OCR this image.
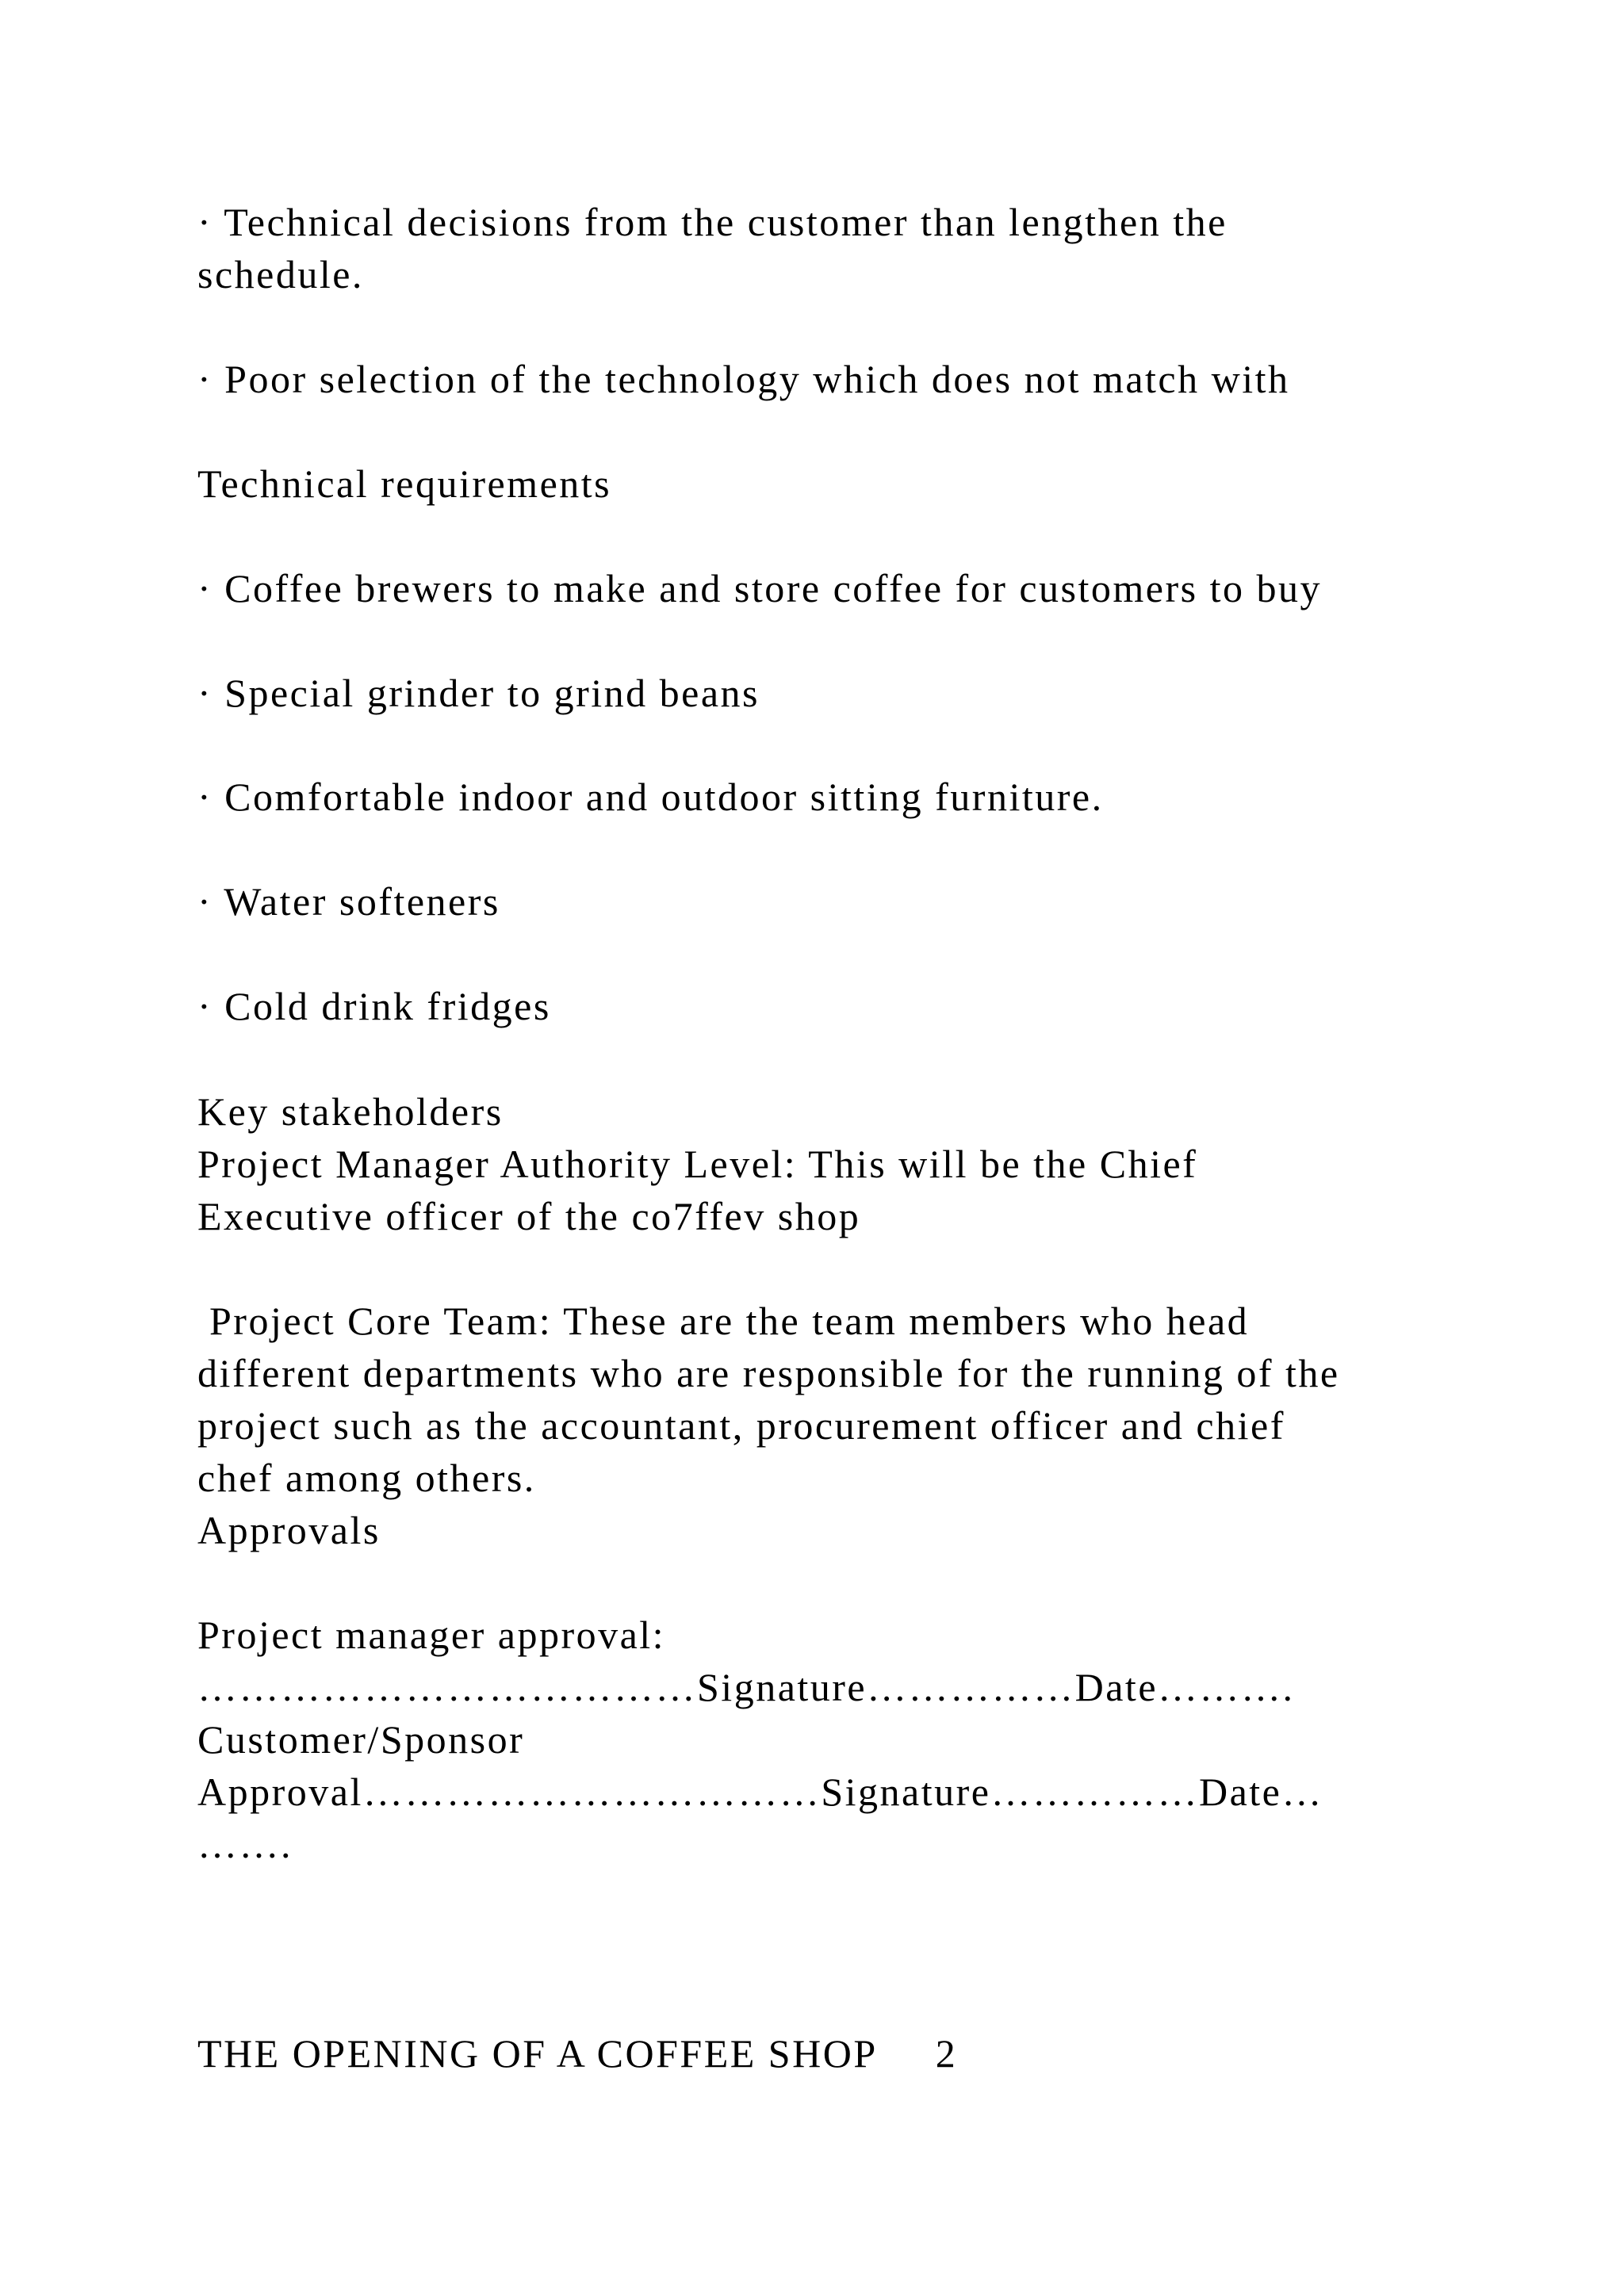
· Technical decisions from the customer than lengthen the
schedule.
· Poor selection of the technology which does not match with
Technical requirements
· Coffee brewers to make and store coffee for customers to buy
· Special grinder to grind beans
· Comfortable indoor and outdoor sitting furniture.
· Water softeners
· Cold drink fridges
Key stakeholders
Project Manager Authority Level: This will be the Chief
Executive officer of the co7ffev shop
Project Core Team: These are the team members who head
different departments who are responsible for the running of the
project such as the accountant, procurement officer and chief
chef among others.
Approvals
Project manager approval:
………………………………Signature……………Date……….
Customer/Sponsor
Approval……………………………Signature……………Date…
…….
THE OPENING OF A COFFEE SHOP     2
